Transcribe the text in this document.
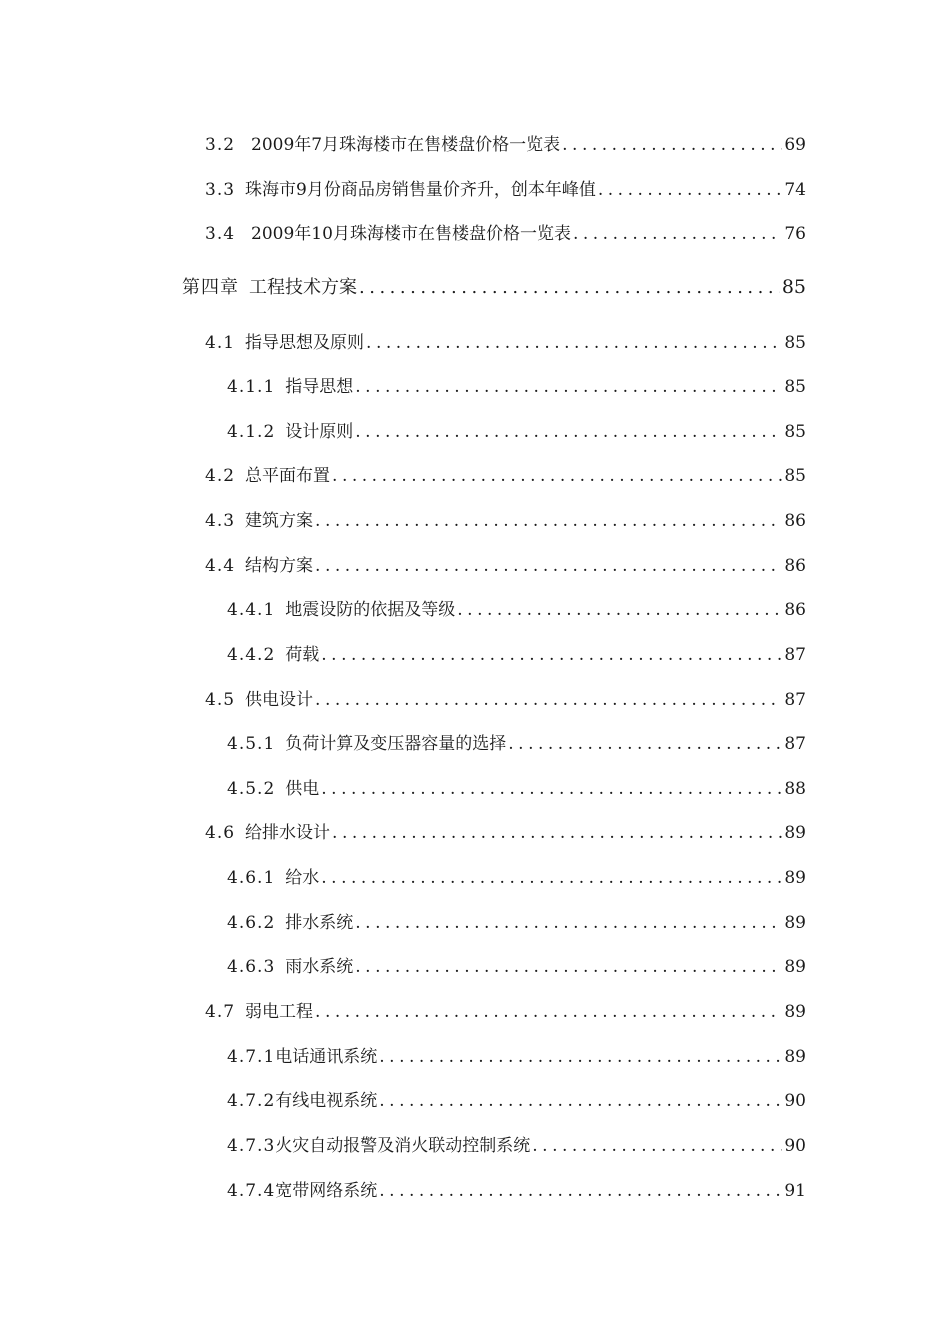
3.2 2009年7月珠海楼市在售楼盘价格一览表 .....	69
3.3 珠海市9月份商品房销售量价齐升，创本年峰值 .....	74
3.4 2009年10月珠海楼市在售楼盘价格一览表 .....	76
第四章 工程技术方案 .....	85
4.1 指导思想及原则 .....	85
4.1.1 指导思想 .....	85
4.1.2 设计原则 .....	85
4.2 总平面布置 .....	85
4.3 建筑方案 .....	86
4.4 结构方案 .....	86
4.4.1 地震设防的依据及等级 .....	86
4.4.2 荷载 .....	87
4.5 供电设计 .....	87
4.5.1 负荷计算及变压器容量的选择 .....	87
4.5.2 供电 .....	88
4.6 给排水设计 .....	89
4.6.1 给水 .....	89
4.6.2 排水系统 .....	89
4.6.3 雨水系统 .....	89
4.7 弱电工程 .....	89
4.7.1 电话通讯系统 .....	89
4.7.2 有线电视系统 .....	90
4.7.3 火灾自动报警及消火联动控制系统 .....	90
4.7.4 宽带网络系统 .....	91
